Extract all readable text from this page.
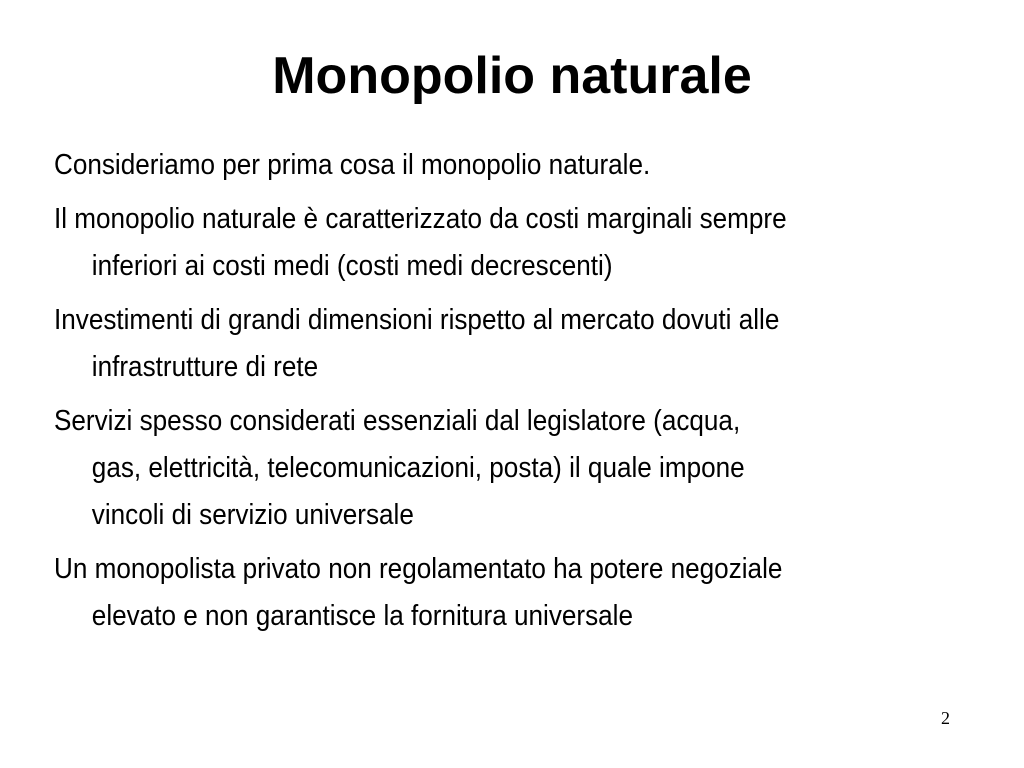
Monopolio naturale
Consideriamo per prima cosa il monopolio naturale.
Il monopolio naturale è caratterizzato da costi marginali sempre
inferiori ai costi medi (costi medi decrescenti)
Investimenti di grandi dimensioni rispetto al mercato dovuti alle
infrastrutture di rete
Servizi spesso considerati essenziali dal legislatore (acqua,
gas, elettricità, telecomunicazioni, posta) il quale impone
vincoli di servizio universale
Un monopolista privato non regolamentato ha potere negoziale
elevato e non garantisce la fornitura universale
2
